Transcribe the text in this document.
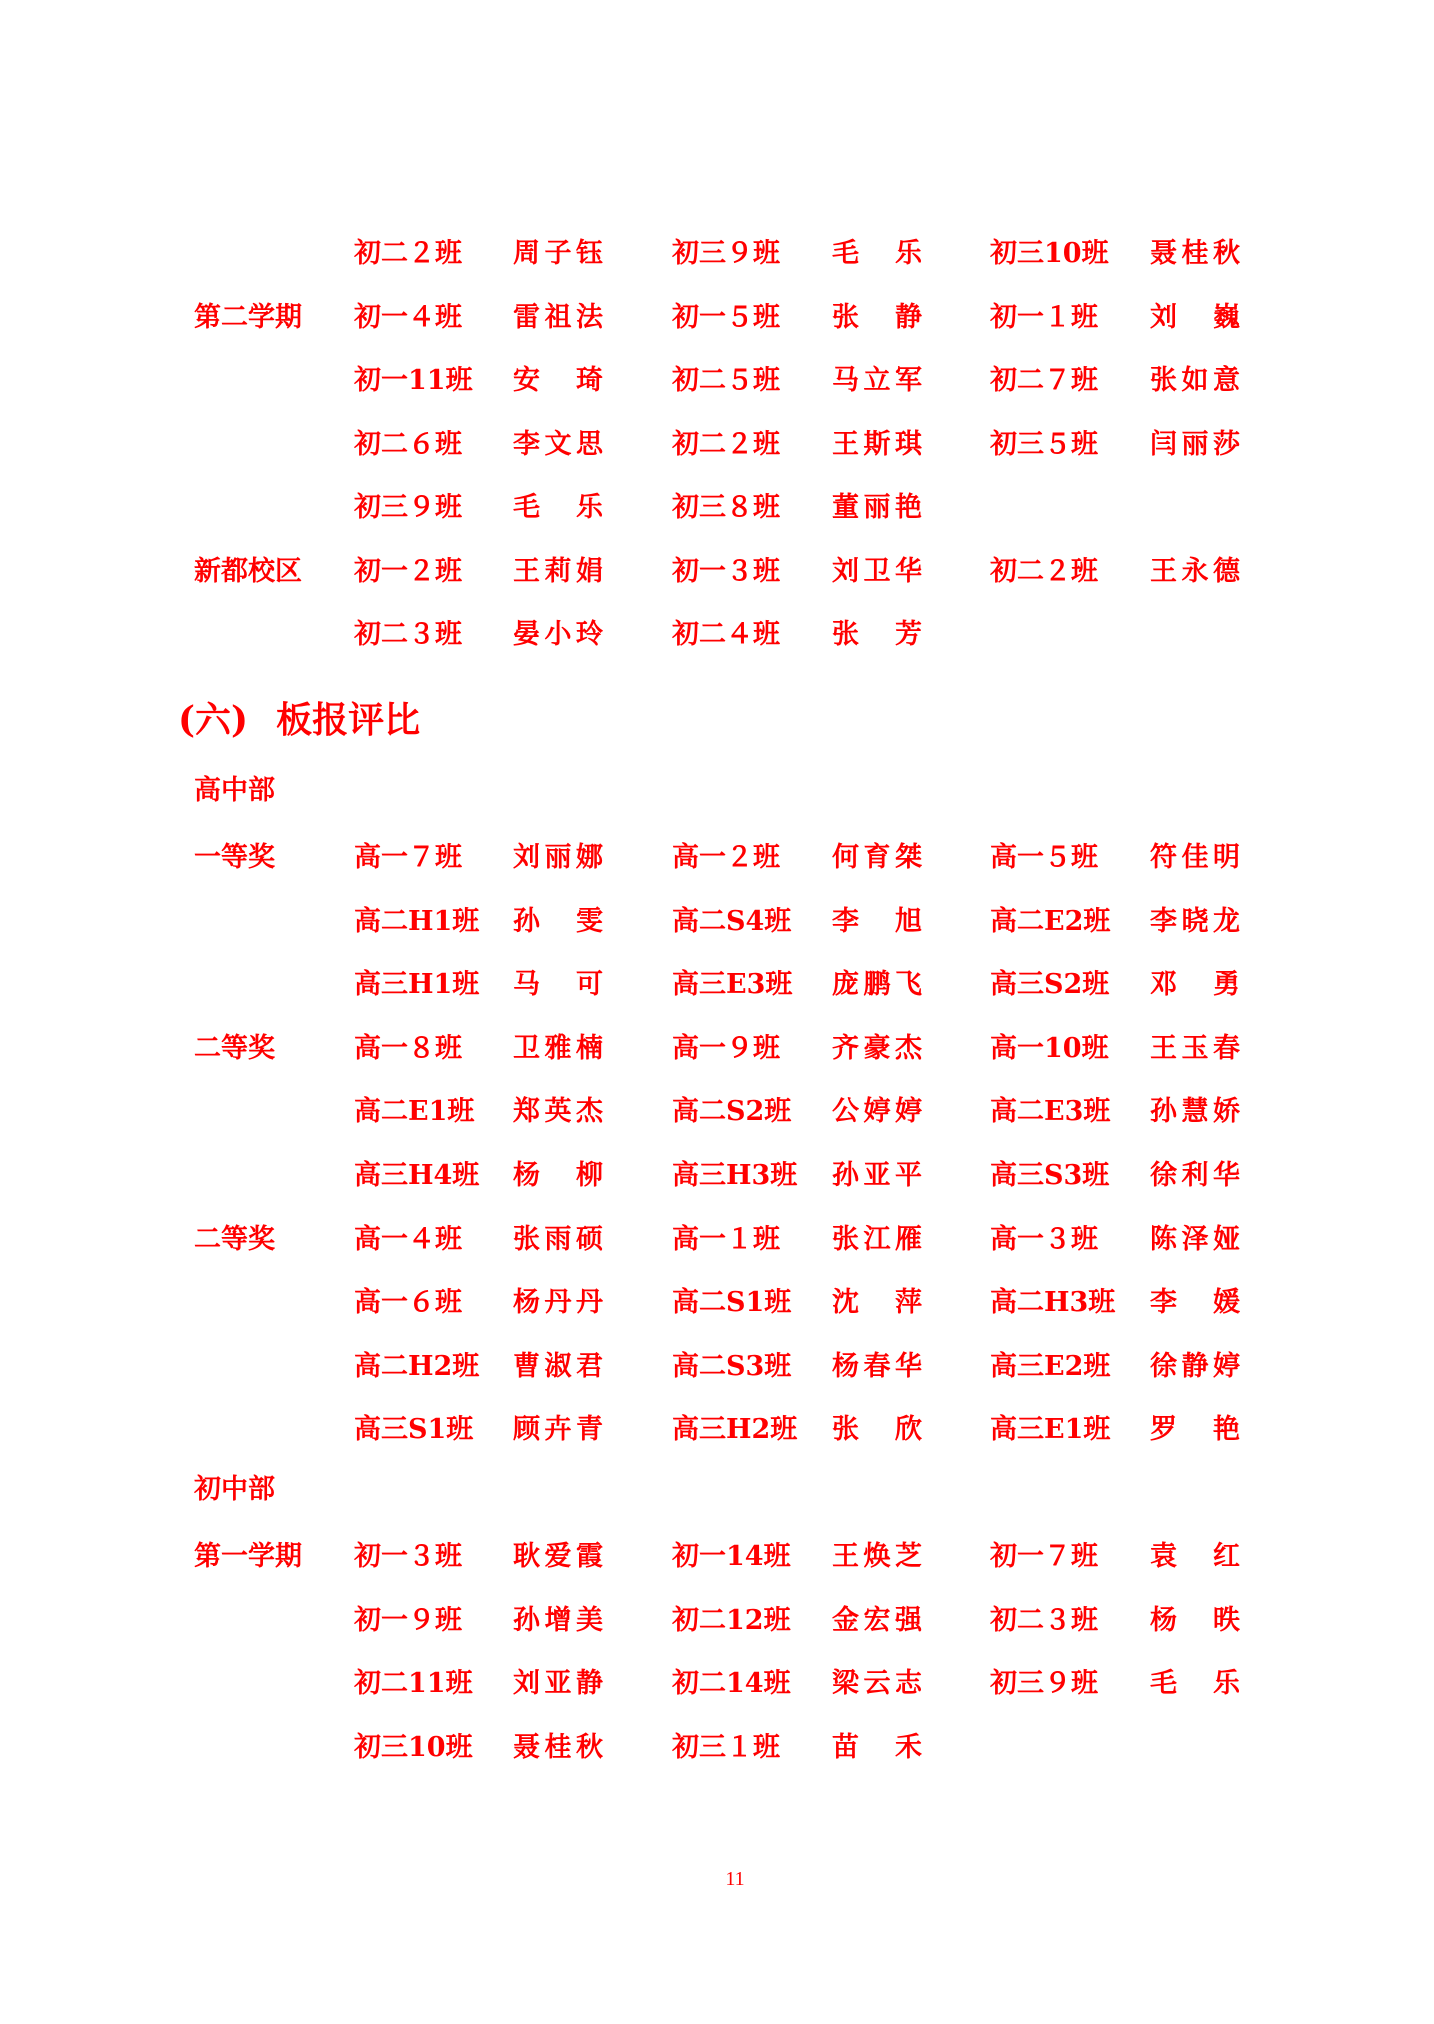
初二２班 周子钰	初三９班 毛　乐	初三10班 聂桂秋
第二学期 初一４班 雷祖法	初一５班 张　静	初一１班 刘　巍
初一11班 安　琦	初二５班 马立军	初二７班 张如意
初二６班 李文思	初二２班 王斯琪	初三５班 闫丽莎
初三９班 毛　乐	初三８班 董丽艳
新都校区 初一２班 王莉娟	初一３班 刘卫华	初二２班 王永德
初二３班 晏小玲	初二４班 张　芳
(六) 板报评比
高中部
一等奖	高一７班 刘丽娜	高一２班 何育桀	高一５班 符佳明
高二H1班 孙　雯	高二S4班 李　旭	高二E2班 李晓龙
高三H1班 马　可	高三E3班 庞鹏飞	高三S2班 邓　勇
二等奖	高一８班 卫雅楠	高一９班 齐豪杰	高一10班 王玉春
高二E1班 郑英杰	高二S2班 公婷婷	高二E3班 孙慧娇
高三H4班 杨　柳	高三H3班 孙亚平	高三S3班 徐利华
二等奖	高一４班 张雨硕	高一１班 张江雁	高一３班 陈泽娅
高一６班 杨丹丹	高二S1班 沈　萍	高二H3班 李　媛
高二H2班 曹淑君	高二S3班 杨春华	高三E2班 徐静婷
高三S1班 顾卉青	高三H2班 张　欣	高三E1班 罗　艳
初中部
第一学期 初一３班 耿爱霞	初一14班 王焕芝	初一７班 袁　红
初一９班 孙增美	初二12班 金宏强	初二３班 杨　昳
初二11班 刘亚静	初二14班 梁云志	初三９班 毛　乐
初三10班 聂桂秋	初三１班 苗　禾
11
